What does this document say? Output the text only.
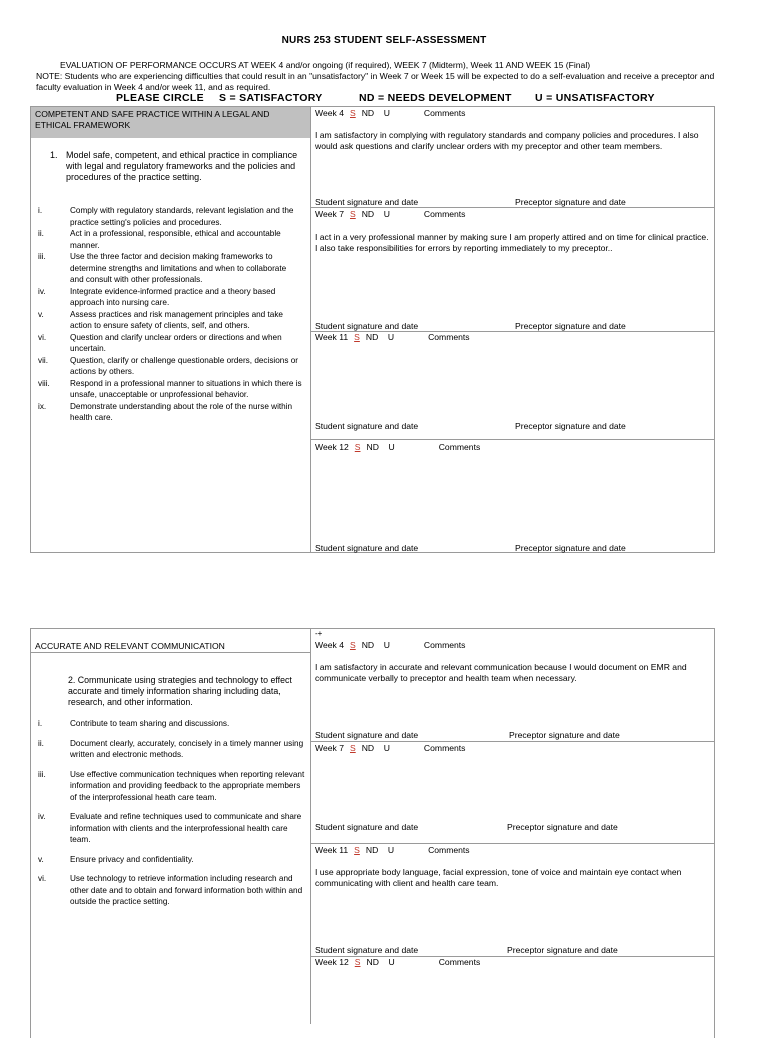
NURS 253 STUDENT SELF-ASSESSMENT
EVALUATION OF PERFORMANCE OCCURS AT WEEK 4 and/or ongoing (if required), WEEK 7 (Midterm), Week 11 AND WEEK 15 (Final)
NOTE: Students who are experiencing difficulties that could result in an "unsatisfactory" in Week 7 or Week 15 will be expected to do a self-evaluation and receive a preceptor and faculty evaluation in Week 4 and/or week 11, and as required.
PLEASE CIRCLE S = SATISFACTORY	ND = NEEDS DEVELOPMENT U = UNSATISFACTORY
COMPETENT AND SAFE PRACTICE WITHIN A LEGAL AND ETHICAL FRAMEWORK
1. Model safe, competent, and ethical practice in compliance with legal and regulatory frameworks and the policies and procedures of the practice setting.
i.	Comply with regulatory standards, relevant legislation and the practice setting's policies and procedures.
ii.	Act in a professional, responsible, ethical and accountable manner.
iii.	Use the three factor and decision making frameworks to determine strengths and limitations and when to collaborate and consult with other professionals.
iv.	Integrate evidence-informed practice and a theory based approach into nursing care.
v.	Assess practices and risk management principles and take action to ensure safety of clients, self, and others.
vi.	Question and clarify unclear orders or directions and when uncertain.
vii.	Question, clarify or challenge questionable orders, decisions or actions by others.
viii.	Respond in a professional manner to situations in which there is unsafe, unacceptable or unprofessional behavior.
ix.	Demonstrate understanding about the role of the nurse within health care.
Week 4 S ND U	Comments
I am satisfactory in complying with regulatory standards and company policies and procedures. I also would ask questions and clarify unclear orders with my preceptor and other team members.
Student signature and date	Preceptor signature and date
Week 7 S ND U	Comments
I act in a very professional manner by making sure I am properly attired and on time for clinical practice. I also take responsibilities for errors by reporting immediately to my preceptor..
Student signature and date	Preceptor signature and date
Week 11 S ND U	Comments
Student signature and date	Preceptor signature and date
Week 12 S ND U	Comments
Student signature and date	Preceptor signature and date
ACCURATE AND RELEVANT COMMUNICATION
2. Communicate using strategies and technology to effect accurate and timely information sharing including data, research, and other information.
i.	Contribute to team sharing and discussions.
ii.	Document clearly, accurately, concisely in a timely manner using written and electronic methods.
iii.	Use effective communication techniques when reporting relevant information and providing feedback to the appropriate members of the interprofessional heath care team.
iv.	Evaluate and refine techniques used to communicate and share information with clients and the interprofessional health care team.
v.	Ensure privacy and confidentiality.
vi.	Use technology to retrieve information including research and other date and to obtain and forward information both within and outside the practice setting.
-+
Week 4 S ND U	Comments
I am satisfactory in accurate and relevant communication because I would document on EMR and communicate verbally to preceptor and health team when necessary.
Student signature and date	Preceptor signature and date
Week 7 S ND U	Comments
Student signature and date	Preceptor signature and date
Week 11 S ND U	Comments
I use appropriate body language, facial expression, tone of voice and maintain eye contact when communicating with client and health care team.
Student signature and date	Preceptor signature and date
Week 12 S ND U	Comments
